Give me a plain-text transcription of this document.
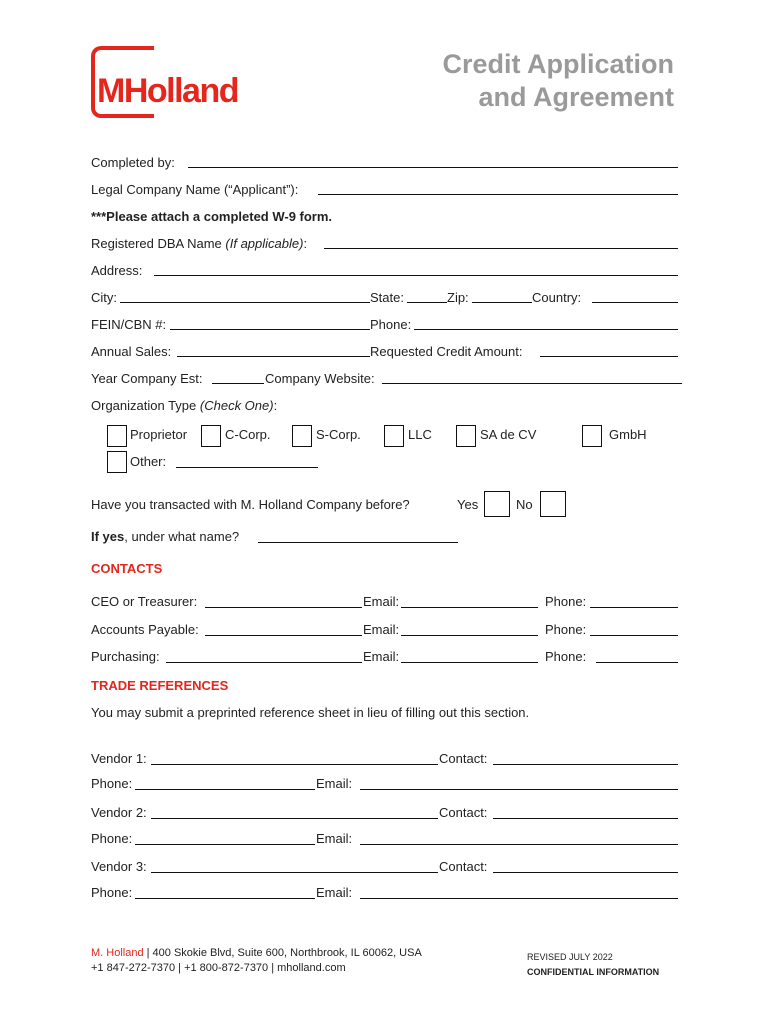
MHolland
Credit Application
and Agreement
Completed by:
Legal Company Name (“Applicant”):
***Please attach a completed W-9 form.
Registered DBA Name (If applicable):
Address:
City:	State:	Zip:	Country:
FEIN/CBN #:	Phone:
Annual Sales:	Requested Credit Amount:
Year Company Est:	Company Website:
Organization Type (Check One):
Proprietor	C-Corp.	S-Corp.	LLC	SA de CV	GmbH
Other:
Have you transacted with M. Holland Company before?	Yes	No
If yes, under what name?
CONTACTS
CEO or Treasurer:	Email:	Phone:
Accounts Payable:	Email:	Phone:
Purchasing:	Email:	Phone:
TRADE REFERENCES
You may submit a preprinted reference sheet in lieu of filling out this section.
Vendor 1:	Contact:
Phone:	Email:
Vendor 2:	Contact:
Phone:	Email:
Vendor 3:	Contact:
Phone:	Email:
M. Holland | 400 Skokie Blvd, Suite 600, Northbrook, IL 60062, USA
+1 847-272-7370 | +1 800-872-7370 | mholland.com
REVISED JULY 2022
CONFIDENTIAL INFORMATION
